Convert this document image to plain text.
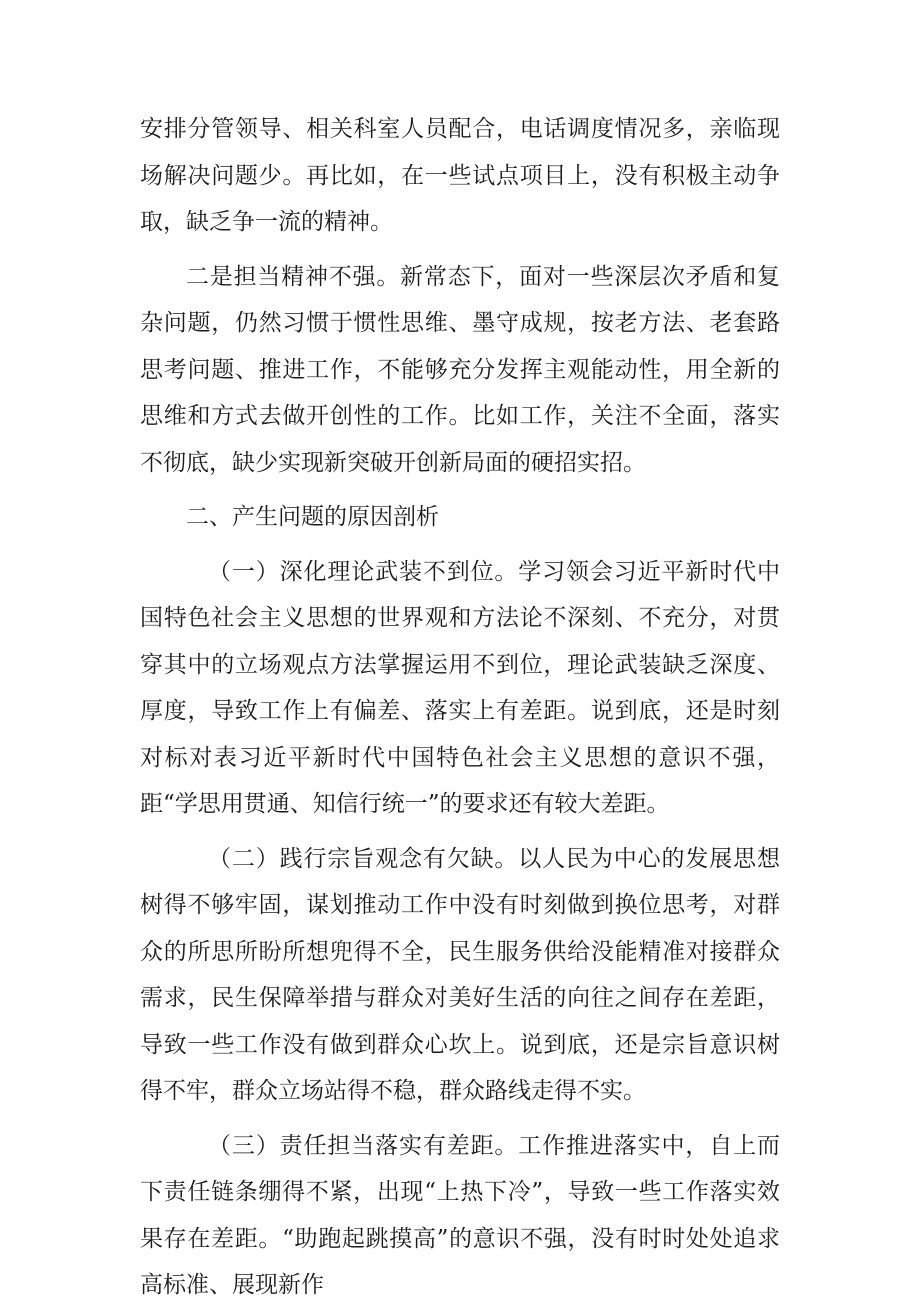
安排分管领导、相关科室人员配合，电话调度情况多，亲临现场解决问题少。再比如，在一些试点项目上，没有积极主动争取，缺乏争一流的精神。

二是担当精神不强。新常态下，面对一些深层次矛盾和复杂问题，仍然习惯于惯性思维、墨守成规，按老方法、老套路思考问题、推进工作，不能够充分发挥主观能动性，用全新的思维和方式去做开创性的工作。比如工作，关注不全面，落实不彻底，缺少实现新突破开创新局面的硬招实招。

二、产生问题的原因剖析

（一）深化理论武装不到位。学习领会习近平新时代中国特色社会主义思想的世界观和方法论不深刻、不充分，对贯穿其中的立场观点方法掌握运用不到位，理论武装缺乏深度、厚度，导致工作上有偏差、落实上有差距。说到底，还是时刻对标对表习近平新时代中国特色社会主义思想的意识不强，距“学思用贯通、知信行统一”的要求还有较大差距。

（二）践行宗旨观念有欠缺。以人民为中心的发展思想树得不够牢固，谋划推动工作中没有时刻做到换位思考，对群众的所思所盼所想兜得不全，民生服务供给没能精准对接群众需求，民生保障举措与群众对美好生活的向往之间存在差距，导致一些工作没有做到群众心坎上。说到底，还是宗旨意识树得不牢，群众立场站得不稳，群众路线走得不实。

（三）责任担当落实有差距。工作推进落实中，自上而下责任链条绷得不紧，出现“上热下冷”，导致一些工作落实效果存在差距。“助跑起跳摸高”的意识不强，没有时时处处追求高标准、展现新作
